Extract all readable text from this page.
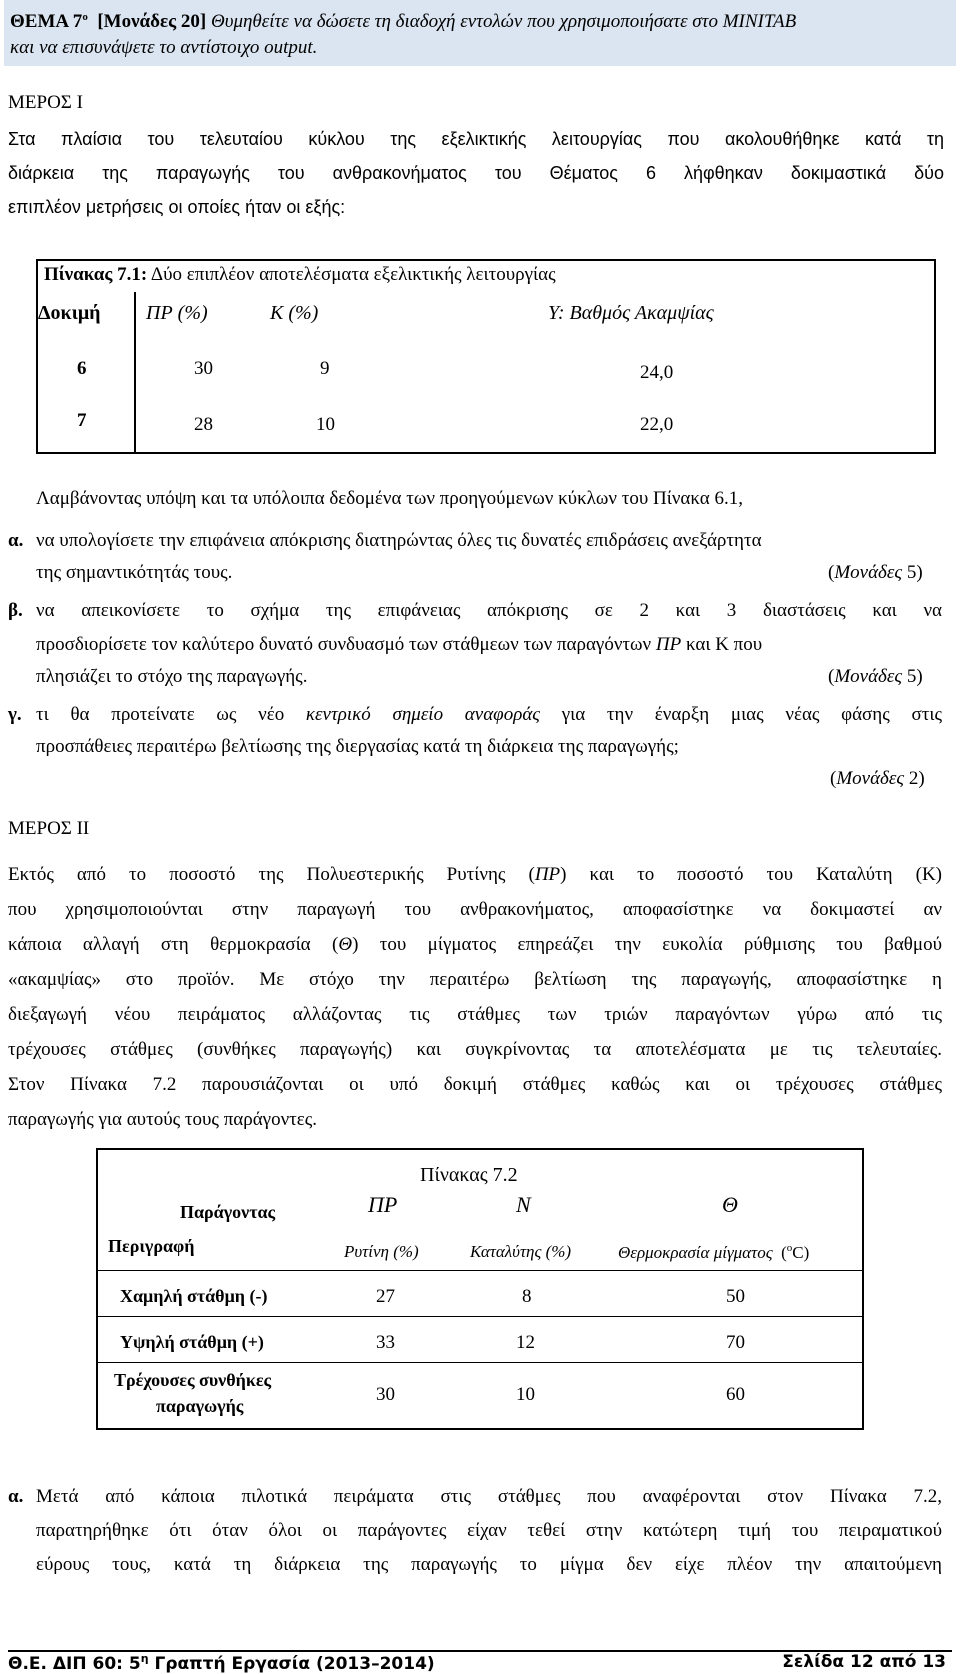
ΘΕΜΑ $7^o$ [Μονάδες 20] Θυμηθείτε να δώσετε τη διαδοχή εντολών που χρησιμοποιήσατε στο MINITAB
και να επισυνάψετε το αντίστοιχο output.
ΜΕΡΟΣ Ι
Στα πλαίσια του τελευταίου κύκλου της εξελικτικής λειτουργίας που ακολουθήθηκε κατά τη
διάρκεια της παραγωγής του ανθρακονήματος του Θέματος 6 λήφθηκαν δοκιμαστικά δύο
επιπλέον μετρήσεις οι οποίες ήταν οι εξής:
Πίνακας 7.1: Δύο επιπλέον αποτελέσματα εξελικτικής λειτουργίας
Δοκιμή ΠΡ (%)	Κ (%)	Υ: Βαθμός Ακαμψίας
6	30	9	24,0
7	28	10	22,0
Λαμβάνοντας υπόψη και τα υπόλοιπα δεδομένα των προηγούμενων κύκλων του Πίνακα 6.1,
α. να υπολογίσετε την επιφάνεια απόκρισης διατηρώντας όλες τις δυνατές επιδράσεις ανεξάρτητα
της σημαντικότητάς τους.	(Μονάδες 5)
β. να απεικονίσετε το σχήμα της επιφάνειας απόκρισης σε 2 και 3 διαστάσεις και να
προσδιορίσετε τον καλύτερο δυνατό συνδυασμό των στάθμεων των παραγόντων ΠΡ και Κ που
πλησιάζει το στόχο της παραγωγής.	(Μονάδες 5)
γ. τι θα προτείνατε ως νέο κεντρικό σημείο αναφοράς για την έναρξη μιας νέας φάσης στις
προσπάθειες περαιτέρω βελτίωσης της διεργασίας κατά τη διάρκεια της παραγωγής;
(Μονάδες 2)
ΜΕΡΟΣ ΙΙ
Εκτός από το ποσοστό της Πολυεστερικής Ρυτίνης (ΠΡ) και το ποσοστό του Καταλύτη (Κ)
που χρησιμοποιούνται στην παραγωγή του ανθρακονήματος, αποφασίστηκε να δοκιμαστεί αν
κάποια αλλαγή στη θερμοκρασία (Θ) του μίγματος επηρεάζει την ευκολία ρύθμισης του βαθμού
«ακαμψίας» στο προϊόν. Με στόχο την περαιτέρω βελτίωση της παραγωγής, αποφασίστηκε η
διεξαγωγή νέου πειράματος αλλάζοντας τις στάθμες των τριών παραγόντων γύρω από τις
τρέχουσες στάθμες (συνθήκες παραγωγής) και συγκρίνοντας τα αποτελέσματα με τις τελευταίες.
Στον Πίνακα 7.2 παρουσιάζονται οι υπό δοκιμή στάθμες καθώς και οι τρέχουσες στάθμες
παραγωγής για αυτούς τους παράγοντες.
Πίνακας 7.2
Παράγοντας
Περιγραφή
ΠΡ	Ν	Θ
Ρυτίνη (%)	Καταλύτης (%)	Θερμοκρασία μίγματος ($^o$C)
Χαμηλή στάθμη (-)	27	8	50
Υψηλή στάθμη (+)	33	12	70
Τρέχουσες συνθήκες
παραγωγής
30	10	60
α. Μετά από κάποια πιλοτικά πειράματα στις στάθμες που αναφέρονται στον Πίνακα 7.2,
παρατηρήθηκε ότι όταν όλοι οι παράγοντες είχαν τεθεί στην κατώτερη τιμή του πειραματικού
εύρους τους, κατά τη διάρκεια της παραγωγής το μίγμα δεν είχε πλέον την απαιτούμενη
Θ.Ε. ΔΙΠ 60: $5^\eta$ Γραπτή Εργασία (2013–2014)	Σελίδα 12 από 13
